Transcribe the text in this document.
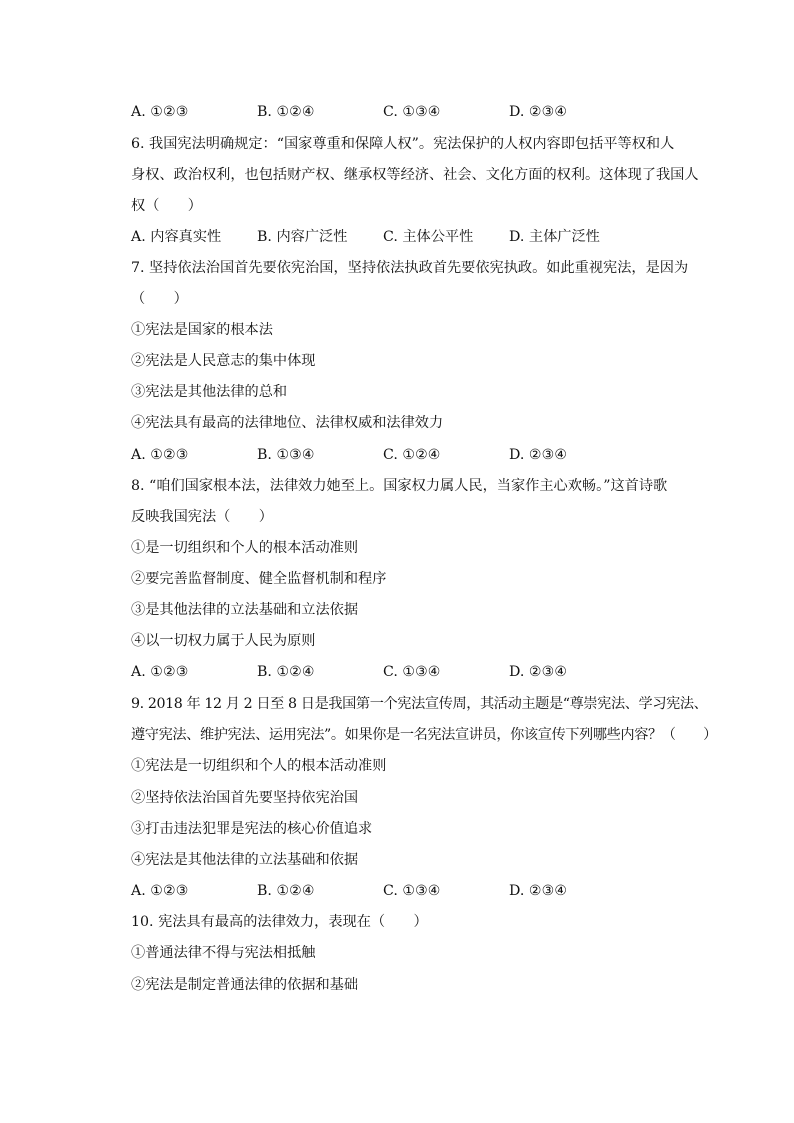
A. ①②③	B. ①②④	C. ①③④	D. ②③④
6. 我国宪法明确规定：“国家尊重和保障人权”。宪法保护的人权内容即包括平等权和人
身权、政治权利，也包括财产权、继承权等经济、社会、文化方面的权利。这体现了我国人
权（　　）
A. 内容真实性	B. 内容广泛性	C. 主体公平性	D. 主体广泛性
7. 坚持依法治国首先要依宪治国，坚持依法执政首先要依宪执政。如此重视宪法，是因为
（　　）
①宪法是国家的根本法
②宪法是人民意志的集中体现
③宪法是其他法律的总和
④宪法具有最高的法律地位、法律权威和法律效力
A. ①②③	B. ①③④	C. ①②④	D. ②③④
8. “咱们国家根本法，法律效力她至上。国家权力属人民，当家作主心欢畅。”这首诗歌
反映我国宪法（　　）
①是一切组织和个人的根本活动准则
②要完善监督制度、健全监督机制和程序
③是其他法律的立法基础和立法依据
④以一切权力属于人民为原则
A. ①②③	B. ①②④	C. ①③④	D. ②③④
9. 2018 年 12 月 2 日至 8 日是我国第一个宪法宣传周，其活动主题是“尊崇宪法、学习宪法、
遵守宪法、维护宪法、运用宪法”。如果你是一名宪法宣讲员，你该宣传下列哪些内容？（　　）
①宪法是一切组织和个人的根本活动准则
②坚持依法治国首先要坚持依宪治国
③打击违法犯罪是宪法的核心价值追求
④宪法是其他法律的立法基础和依据
A. ①②③	B. ①②④	C. ①③④	D. ②③④
10. 宪法具有最高的法律效力，表现在（　　）
①普通法律不得与宪法相抵触
②宪法是制定普通法律的依据和基础
